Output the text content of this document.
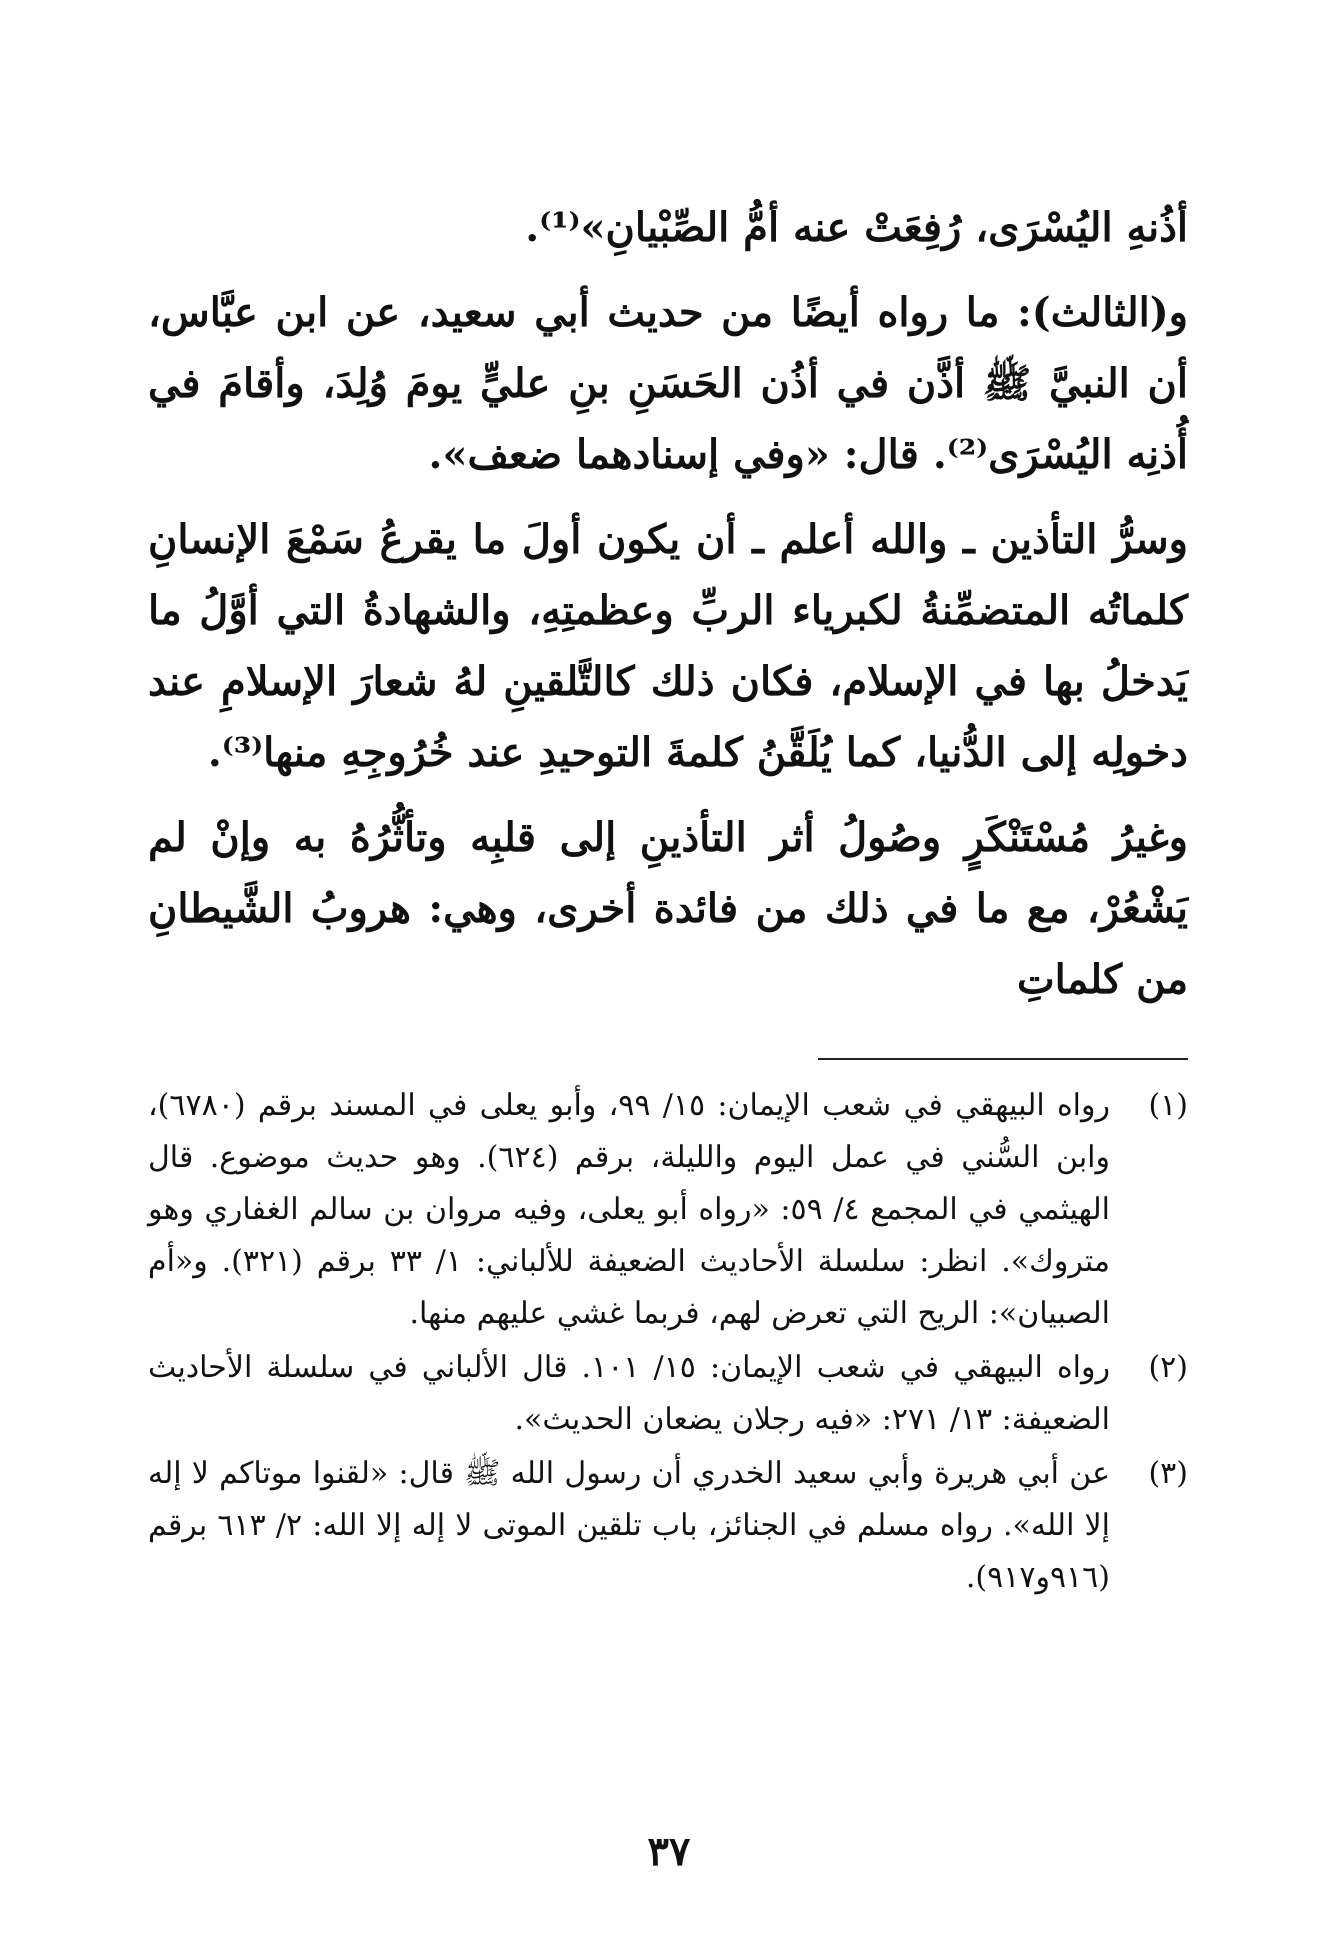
أذُنهِ اليُسْرَى، رُفِعَتْ عنه أمُّ الصِّبْيانِ»⁽¹⁾.

و(الثالث): ما رواه أيضًا من حديث أبي سعيد، عن ابن عبَّاس، أن النبيَّ ﷺ أذَّن في أذُن الحَسَنِ بنِ عليٍّ يومَ وُلِدَ، وأقامَ في أُذنِه اليُسْرَى⁽²⁾. قال: «وفي إسنادهما ضعف».

وسرُّ التأذين ـ والله أعلم ـ أن يكون أولَ ما يقرعُ سَمْعَ الإنسانِ كلماتُه المتضمِّنةُ لكبرياء الربِّ وعظمتِهِ، والشهادةُ التي أوَّلُ ما يَدخلُ بها في الإسلام، فكان ذلك كالتَّلقينِ لهُ شعارَ الإسلامِ عند دخولِه إلى الدُّنيا، كما يُلَقَّنُ كلمةَ التوحيدِ عند خُرُوجِهِ منها⁽³⁾.

وغيرُ مُسْتَنْكَرٍ وصُولُ أثر التأذينِ إلى قلبِه وتأثُّرُهُ به وإنْ لم يَشْعُرْ، مع ما في ذلك من فائدة أخرى، وهي: هروبُ الشَّيطانِ من كلماتِ

(١)
رواه البيهقي في شعب الإيمان: ١٥/ ٩٩، وأبو يعلى في المسند برقم (٦٧٨٠)، وابن السُّني في عمل اليوم والليلة، برقم (٦٢٤). وهو حديث موضوع. قال الهيثمي في المجمع ٤/ ٥٩: «رواه أبو يعلى، وفيه مروان بن سالم الغفاري وهو متروك». انظر: سلسلة الأحاديث الضعيفة للألباني: ١/ ٣٣ برقم (٣٢١). و«أم الصبيان»: الريح التي تعرض لهم، فربما غشي عليهم منها.
(٢)
رواه البيهقي في شعب الإيمان: ١٥/ ١٠١. قال الألباني في سلسلة الأحاديث الضعيفة: ١٣/ ٢٧١: «فيه رجلان يضعان الحديث».
(٣)
عن أبي هريرة وأبي سعيد الخدري أن رسول الله ﷺ قال: «لقنوا موتاكم لا إله إلا الله». رواه مسلم في الجنائز، باب تلقين الموتى لا إله إلا الله: ٢/ ٦١٣ برقم (٩١٦و٩١٧).
٣٧
